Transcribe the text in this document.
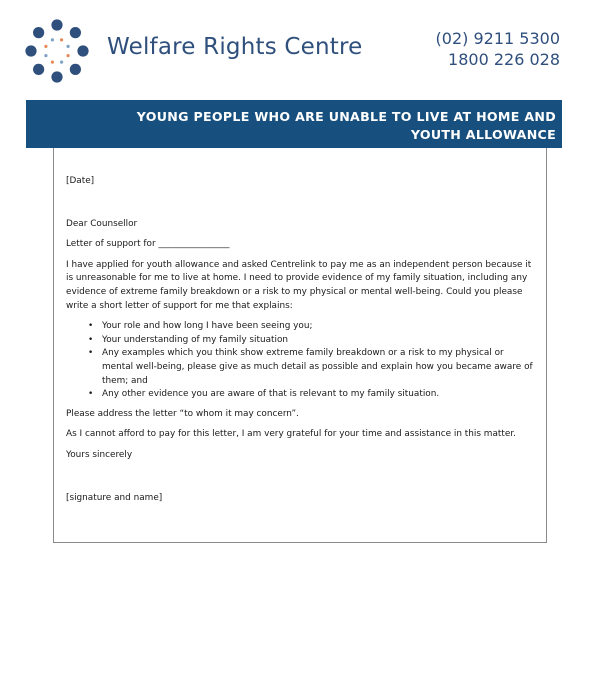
Welfare Rights Centre	(02) 9211 5300
1800 226 028
YOUNG PEOPLE WHO ARE UNABLE TO LIVE AT HOME AND
YOUTH ALLOWANCE

[Date]

Dear Counsellor

Letter of support for ________________

I have applied for youth allowance and asked Centrelink to pay me as an independent person because it is unreasonable for me to live at home. I need to provide evidence of my family situation, including any evidence of extreme family breakdown or a risk to my physical or mental well-being. Could you please write a short letter of support for me that explains:

• Your role and how long I have been seeing you;
• Your understanding of my family situation
• Any examples which you think show extreme family breakdown or a risk to my physical or mental well-being, please give as much detail as possible and explain how you became aware of them; and
• Any other evidence you are aware of that is relevant to my family situation.

Please address the letter “to whom it may concern”.

As I cannot afford to pay for this letter, I am very grateful for your time and assistance in this matter.

Yours sincerely

[signature and name]
